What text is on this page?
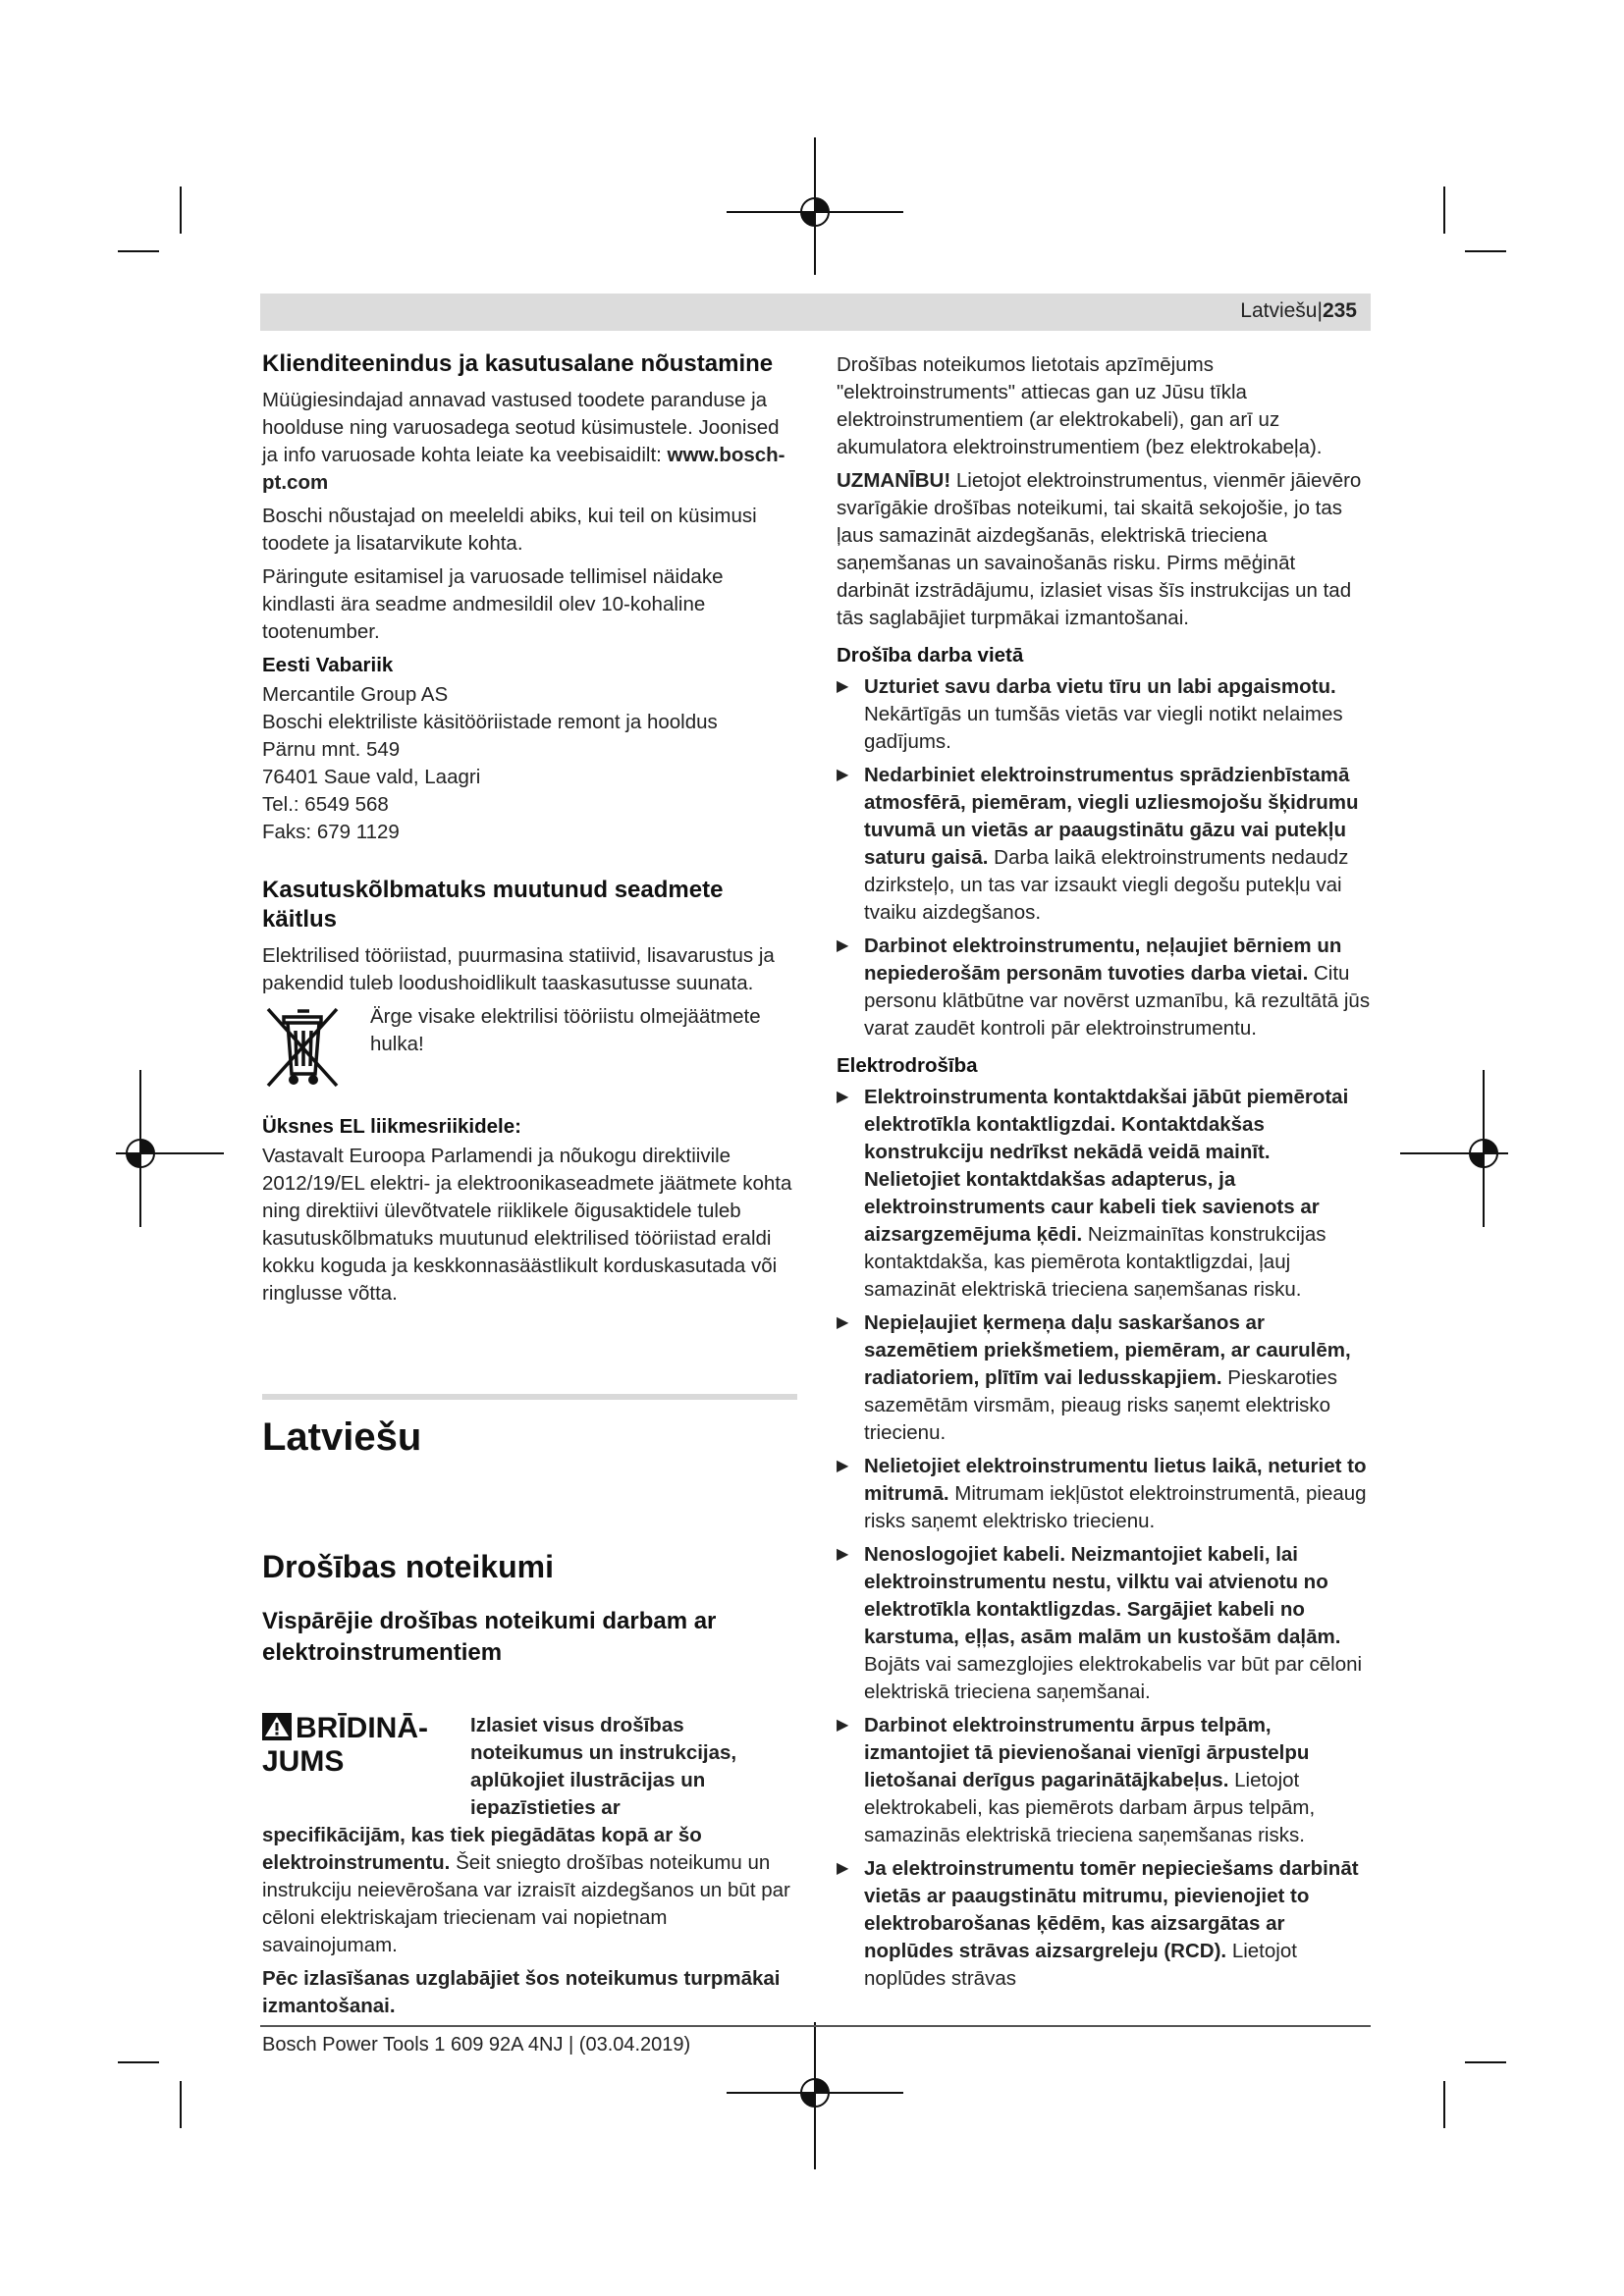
Latviešu|235
Klienditeenindus ja kasutusalane nõustamine

Müügiesindajad annavad vastused toodete paranduse ja hoolduse ning varuosadega seotud küsimustele. Joonised ja info varuosade kohta leiate ka veebisaidilt: www.bosch-pt.com

Boschi nõustajad on meeleldi abiks, kui teil on küsimusi toodete ja lisatarvikute kohta.

Päringute esitamisel ja varuosade tellimisel näidake kindlasti ära seadme andmesildil olev 10-kohaline tootenumber.

Eesti Vabariik
Mercantile Group AS
Boschi elektriliste käsitööriistade remont ja hooldus
Pärnu mnt. 549
76401 Saue vald, Laagri
Tel.: 6549 568
Faks: 679 1129
Kasutuskõlbmatuks muutunud seadmete käitlus

Elektrilised tööriistad, puurmasina statiivid, lisavarustus ja pakendid tuleb loodushoidlikult taaskasutusse suunata.

Ärge visake elektrilisi tööriistu olmejäätmete hulka!
Üksnes EL liikmesriikidele:

Vastavalt Euroopa Parlamendi ja nõukogu direktiivile 2012/19/EL elektri- ja elektroonikaseadmete jäätmete kohta ning direktiivi ülevõtvatele riiklikele õigusaktidele tuleb kasutuskõlbmatuks muutunud elektrilised tööriistad eraldi kokku koguda ja keskkonnasäästlikult korduskasutada või ringlusse võtta.

Latviešu
Drošības noteikumi
Vispārējie drošības noteikumi darbam ar elektroinstrumentiem
BRĪDINĀ-JUMS
Izlasiet visus drošības noteikumus un instrukcijas, aplūkojiet ilustrācijas un iepazīstieties ar

specifikācijām, kas tiek piegādātas kopā ar šo elektroinstrumentu. Šeit sniegto drošības noteikumu un instrukciju neievērošana var izraisīt aizdegšanos un būt par cēloni elektriskajam triecienam vai nopietnam savainojumam.

Pēc izlasīšanas uzglabājiet šos noteikumus turpmākai izmantošanai.

Drošības noteikumos lietotais apzīmējums "elektroinstruments" attiecas gan uz Jūsu tīkla elektroinstrumentiem (ar elektrokabeli), gan arī uz akumulatora elektroinstrumentiem (bez elektrokabeļa).

UZMANĪBU! Lietojot elektroinstrumentus, vienmēr jāievēro svarīgākie drošības noteikumi, tai skaitā sekojošie, jo tas ļaus samazināt aizdegšanās, elektriskā trieciena saņemšanas un savainošanās risku. Pirms mēģināt darbināt izstrādājumu, izlasiet visas šīs instrukcijas un tad tās saglabājiet turpmākai izmantošanai.

Drošība darba vietā
▶ Uzturiet savu darba vietu tīru un labi apgaismotu. Nekārtīgās un tumšās vietās var viegli notikt nelaimes gadījums.
▶ Nedarbiniet elektroinstrumentus sprādzienbīstamā atmosfērā, piemēram, viegli uzliesmojošu šķidrumu tuvumā un vietās ar paaugstinātu gāzu vai putekļu saturu gaisā. Darba laikā elektroinstruments nedaudz dzirksteļo, un tas var izsaukt viegli degošu putekļu vai tvaiku aizdegšanos.
▶ Darbinot elektroinstrumentu, neļaujiet bērniem un nepiederošām personām tuvoties darba vietai. Citu personu klātbūtne var novērst uzmanību, kā rezultātā jūs varat zaudēt kontroli pār elektroinstrumentu.
Elektrodrošība
▶ Elektroinstrumenta kontaktdakšai jābūt piemērotai elektrotīkla kontaktligzdai. Kontaktdakšas konstrukciju nedrīkst nekādā veidā mainīt. Nelietojiet kontaktdakšas adapterus, ja elektroinstruments caur kabeli tiek savienots ar aizsargzemējuma ķēdi. Neizmainītas konstrukcijas kontaktdakša, kas piemērota kontaktligzdai, ļauj samazināt elektriskā trieciena saņemšanas risku.
▶ Nepieļaujiet ķermeņa daļu saskaršanos ar sazemētiem priekšmetiem, piemēram, ar caurulēm, radiatoriem, plītīm vai ledusskapjiem. Pieskaroties sazemētām virsmām, pieaug risks saņemt elektrisko triecienu.
▶ Nelietojiet elektroinstrumentu lietus laikā, neturiet to mitrumā. Mitrumam iekļūstot elektroinstrumentā, pieaug risks saņemt elektrisko triecienu.
▶ Nenoslogojiet kabeli. Neizmantojiet kabeli, lai elektroinstrumentu nestu, vilktu vai atvienotu no elektrotīkla kontaktligzdas. Sargājiet kabeli no karstuma, eļļas, asām malām un kustošām daļām. Bojāts vai samezglojies elektrokabelis var būt par cēloni elektriskā trieciena saņemšanai.
▶ Darbinot elektroinstrumentu ārpus telpām, izmantojiet tā pievienošanai vienīgi ārpustelpu lietošanai derīgus pagarinātājkabeļus. Lietojot elektrokabeli, kas piemērots darbam ārpus telpām, samazinās elektriskā trieciena saņemšanas risks.
▶ Ja elektroinstrumentu tomēr nepieciešams darbināt vietās ar paaugstinātu mitrumu, pievienojiet to elektrobarošanas ķēdēm, kas aizsargātas ar noplūdes strāvas aizsargreleju (RCD). Lietojot noplūdes strāvas
Bosch Power Tools 1 609 92A 4NJ | (03.04.2019)
